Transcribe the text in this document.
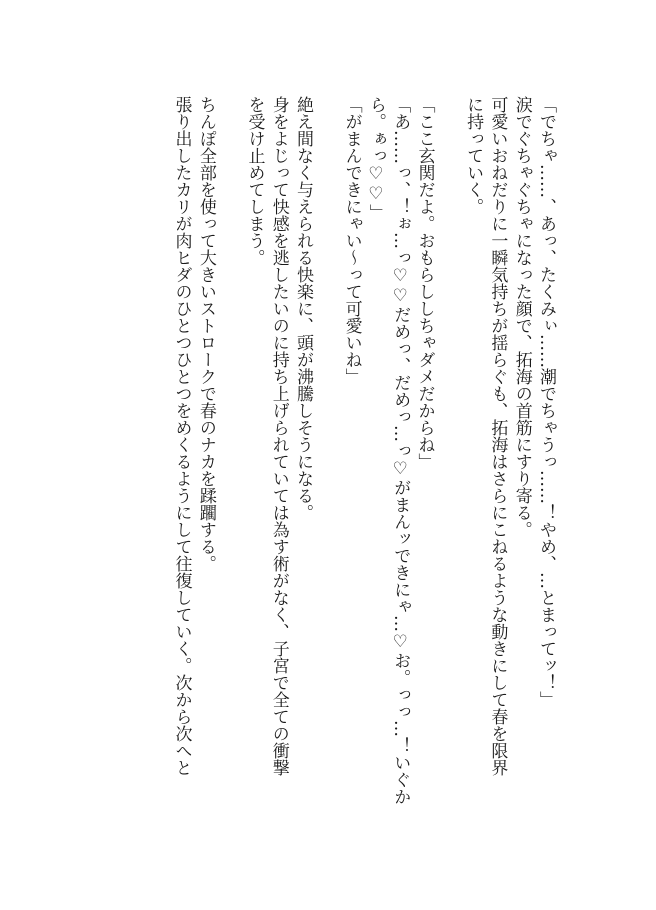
「でちゃ……、あっ、たくみぃ……潮でちゃうっ……！やめ、…とまってッ！」
涙でぐちゃぐちゃになった顔で、拓海の首筋にすり寄る。
可愛いおねだりに一瞬気持ちが揺らぐも、拓海はさらにこねるような動きにして春を限界
に持っていく。

「ここ玄関だよ。おもらししちゃダメだからね」
「あ……っ、！ぉ…っ♡♡だめっ、だめっ…っ♡がまんッできにゃ…♡お。っっ…！いぐか
ら。ぁっ♡♡」
「がまんできにゃい～って可愛いね」

絶え間なく与えられる快楽に、頭が沸騰しそうになる。
身をよじって快感を逃したいのに持ち上げられていては為す術がなく、子宮で全ての衝撃
を受け止めてしまう。

ちんぽ全部を使って大きいストロークで春のナカを蹂躙する。
張り出したカリが肉ヒダのひとつひとつをめくるようにして往復していく。次から次へと
